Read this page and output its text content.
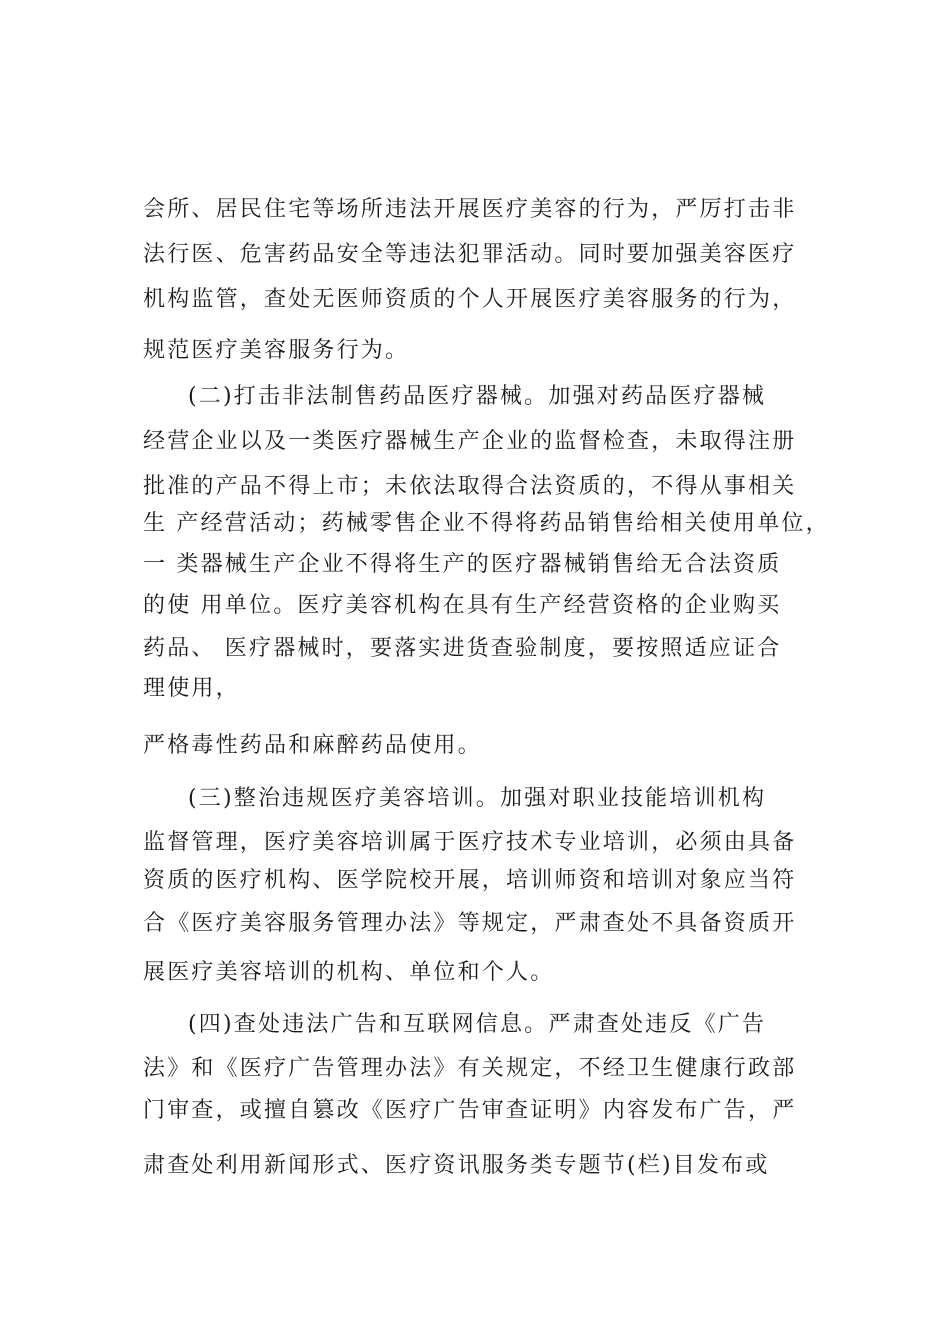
会所、居民住宅等场所违法开展医疗美容的行为，严厉打击非
法行医、危害药品安全等违法犯罪活动。同时要加强美容医疗
机构监管，查处无医师资质的个人开展医疗美容服务的行为，
规范医疗美容服务行为。
(二)打击非法制售药品医疗器械。加强对药品医疗器械
经营企业以及一类医疗器械生产企业的监督检查，未取得注册
批准的产品不得上市；未依法取得合法资质的，不得从事相关
生 产经营活动；药械零售企业不得将药品销售给相关使用单位，
一 类器械生产企业不得将生产的医疗器械销售给无合法资质
的使 用单位。医疗美容机构在具有生产经营资格的企业购买
药品、 医疗器械时，要落实进货查验制度，要按照适应证合
理使用，
严格毒性药品和麻醉药品使用。
(三)整治违规医疗美容培训。加强对职业技能培训机构
监督管理，医疗美容培训属于医疗技术专业培训，必须由具备
资质的医疗机构、医学院校开展，培训师资和培训对象应当符
合《医疗美容服务管理办法》等规定，严肃查处不具备资质开
展医疗美容培训的机构、单位和个人。
(四)查处违法广告和互联网信息。严肃查处违反《广告
法》和《医疗广告管理办法》有关规定，不经卫生健康行政部
门审查，或擅自篡改《医疗广告审查证明》内容发布广告，严
肃查处利用新闻形式、医疗资讯服务类专题节(栏)目发布或
